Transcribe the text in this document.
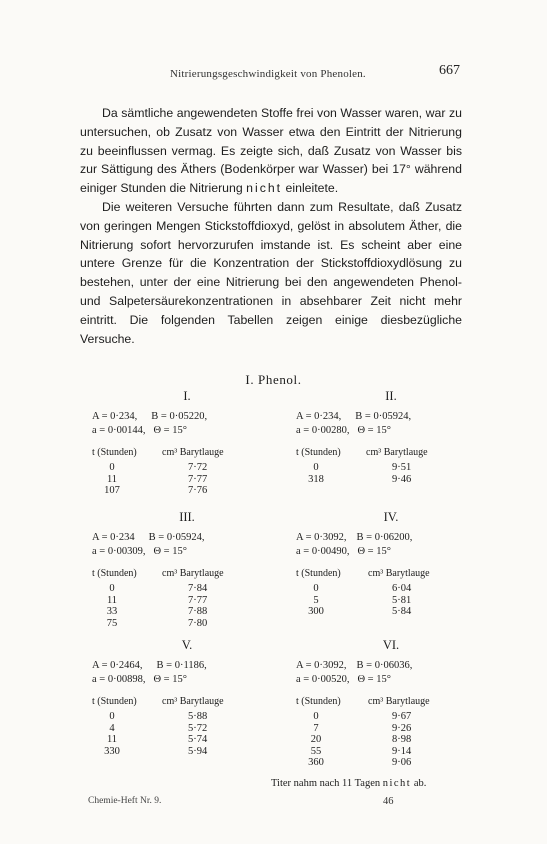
Nitrierungsgeschwindigkeit von Phenolen.	667

Da sämtliche angewendeten Stoffe frei von Wasser waren, war zu untersuchen, ob Zusatz von Wasser etwa den Eintritt der Nitrierung zu beeinflussen vermag. Es zeigte sich, daß Zusatz von Wasser bis zur Sättigung des Äthers (Bodenkörper war Wasser) bei 17° während einiger Stunden die Nitrierung nicht einleitete.

Die weiteren Versuche führten dann zum Resultate, daß Zusatz von geringen Mengen Stickstoffdioxyd, gelöst in absolutem Äther, die Nitrierung sofort hervorzurufen imstande ist. Es scheint aber eine untere Grenze für die Konzentration der Stickstoffdioxydlösung zu bestehen, unter der eine Nitrierung bei den angewendeten Phenol- und Salpetersäurekonzentrationen in absehbarer Zeit nicht mehr eintritt. Die folgenden Tabellen zeigen einige diesbezügliche Versuche.

I. Phenol.
I.
A = 0·234, B = 0·05220,
a = 0·00144, Θ = 15°
t (Stunden)	cm³ Barytlauge
0	7·72
11	7·77
107	7·76
II.
A = 0·234, B = 0·05924,
a = 0·00280, Θ = 15°
t (Stunden)	cm³ Barytlauge
0	9·51
318	9·46
III.
A = 0·234 B = 0·05924,
a = 0·00309, Θ = 15°
t (Stunden)	cm³ Barytlauge
0	7·84
11	7·77
33	7·88
75	7·80
IV.
A = 0·3092, B = 0·06200,
a = 0·00490, Θ = 15°
t (Stunden)	cm³ Barytlauge
0	6·04
5	5·81
300	5·84
V.
A = 0·2464, B = 0·1186,
a = 0·00898, Θ = 15°
t (Stunden)	cm³ Barytlauge
0	5·88
4	5·72
11	5·74
330	5·94
VI.
A = 0·3092, B = 0·06036,
a = 0·00520, Θ = 15°
t (Stunden)	cm³ Barytlauge
0	9·67
7	9·26
20	8·98
55	9·14
360	9·06
Titer nahm nach 11 Tagen nicht ab.
Chemie-Heft Nr. 9.	46
